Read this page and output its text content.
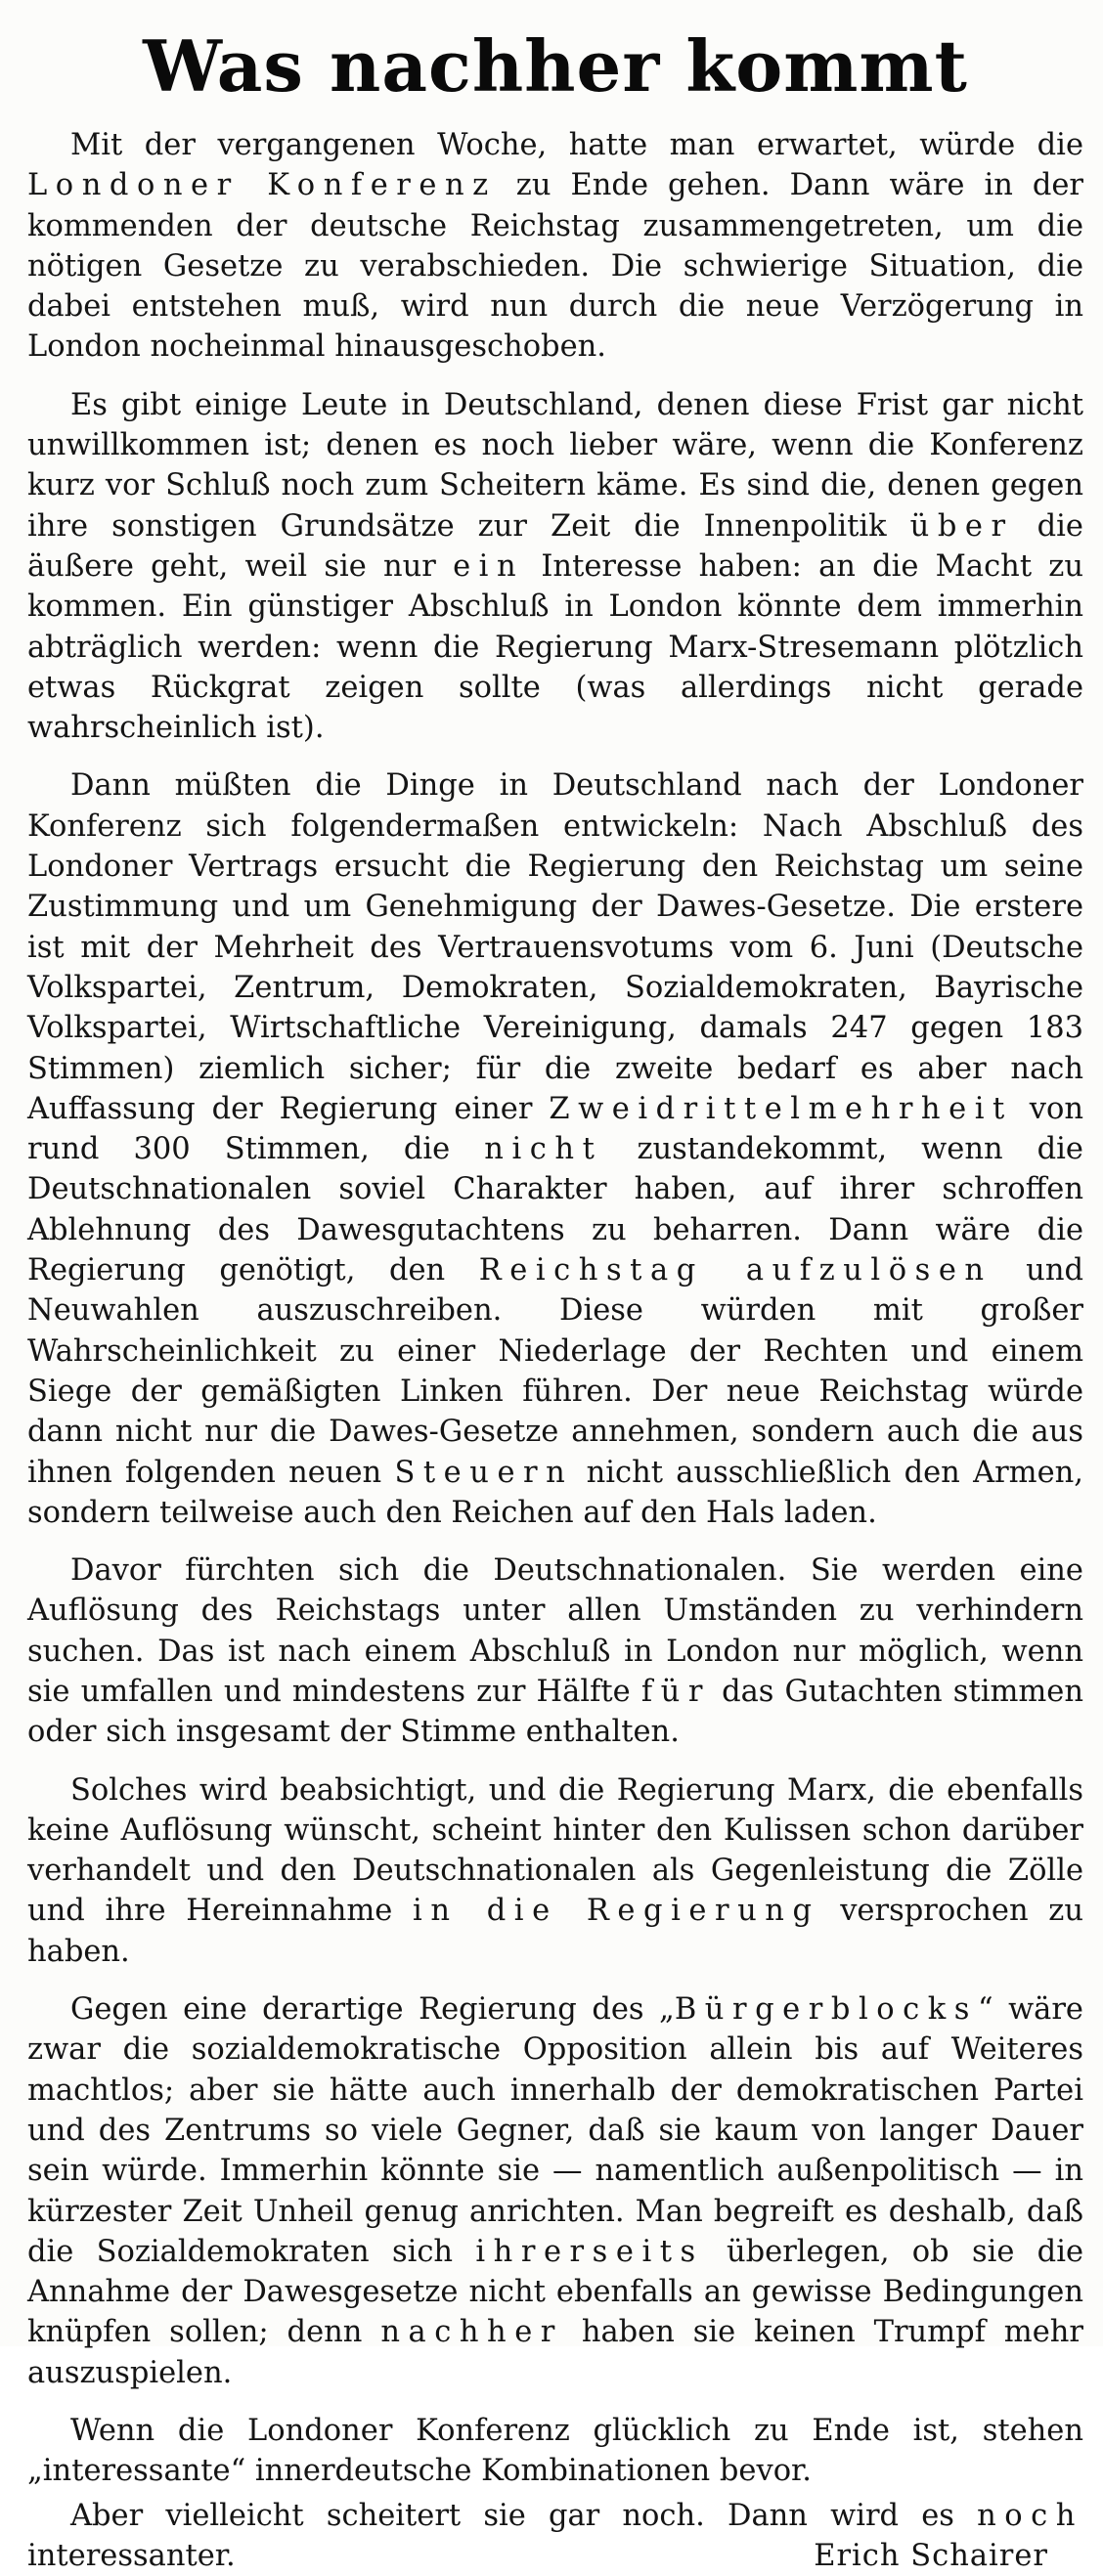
Was nachher kommt

Mit der vergangenen Woche, hatte man erwartet, würde die Londoner Konferenz zu Ende gehen. Dann wäre in der kommenden der deutsche Reichstag zusammengetreten, um die nötigen Gesetze zu verabschieden. Die schwierige Situation, die dabei entstehen muß, wird nun durch die neue Verzögerung in London nocheinmal hinausgeschoben.

Es gibt einige Leute in Deutschland, denen diese Frist gar nicht unwillkommen ist; denen es noch lieber wäre, wenn die Konferenz kurz vor Schluß noch zum Scheitern käme. Es sind die, denen gegen ihre sonstigen Grundsätze zur Zeit die Innenpolitik über die äußere geht, weil sie nur ein Interesse haben: an die Macht zu kommen. Ein günstiger Abschluß in London könnte dem immerhin abträglich werden: wenn die Regierung Marx-Stresemann plötzlich etwas Rückgrat zeigen sollte (was allerdings nicht gerade wahrscheinlich ist).

Dann müßten die Dinge in Deutschland nach der Londoner Konferenz sich folgendermaßen entwickeln: Nach Abschluß des Londoner Vertrags ersucht die Regierung den Reichstag um seine Zustimmung und um Genehmigung der Dawes-Gesetze. Die erstere ist mit der Mehrheit des Vertrauensvotums vom 6. Juni (Deutsche Volkspartei, Zentrum, Demokraten, Sozialdemokraten, Bayrische Volkspartei, Wirtschaftliche Vereinigung, damals 247 gegen 183 Stimmen) ziemlich sicher; für die zweite bedarf es aber nach Auffassung der Regierung einer Zweidrittelmehrheit von rund 300 Stimmen, die nicht zustandekommt, wenn die Deutschnationalen soviel Charakter haben, auf ihrer schroffen Ablehnung des Dawesgutachtens zu beharren. Dann wäre die Regierung genötigt, den Reichstag aufzulösen und Neuwahlen auszuschreiben. Diese würden mit großer Wahrscheinlichkeit zu einer Niederlage der Rechten und einem Siege der gemäßigten Linken führen. Der neue Reichstag würde dann nicht nur die Dawes-Gesetze annehmen, sondern auch die aus ihnen folgenden neuen Steuern nicht ausschließlich den Armen, sondern teilweise auch den Reichen auf den Hals laden.

Davor fürchten sich die Deutschnationalen. Sie werden eine Auflösung des Reichstags unter allen Umständen zu verhindern suchen. Das ist nach einem Abschluß in London nur möglich, wenn sie umfallen und mindestens zur Hälfte für das Gutachten stimmen oder sich insgesamt der Stimme enthalten.

Solches wird beabsichtigt, und die Regierung Marx, die ebenfalls keine Auflösung wünscht, scheint hinter den Kulissen schon darüber verhandelt und den Deutschnationalen als Gegenleistung die Zölle und ihre Hereinnahme in die Regierung versprochen zu haben.

Gegen eine derartige Regierung des „Bürgerblocks“ wäre zwar die sozialdemokratische Opposition allein bis auf Weiteres machtlos; aber sie hätte auch innerhalb der demokratischen Partei und des Zentrums so viele Gegner, daß sie kaum von langer Dauer sein würde. Immerhin könnte sie — namentlich außenpolitisch — in kürzester Zeit Unheil genug anrichten. Man begreift es deshalb, daß die Sozialdemokraten sich ihrerseits überlegen, ob sie die Annahme der Dawesgesetze nicht ebenfalls an gewisse Bedingungen knüpfen sollen; denn nachher haben sie keinen Trumpf mehr auszuspielen.

Wenn die Londoner Konferenz glücklich zu Ende ist, stehen „interessante“ innerdeutsche Kombinationen bevor.

Aber vielleicht scheitert sie gar noch. Dann wird es noch interessanter.	Erich Schairer
